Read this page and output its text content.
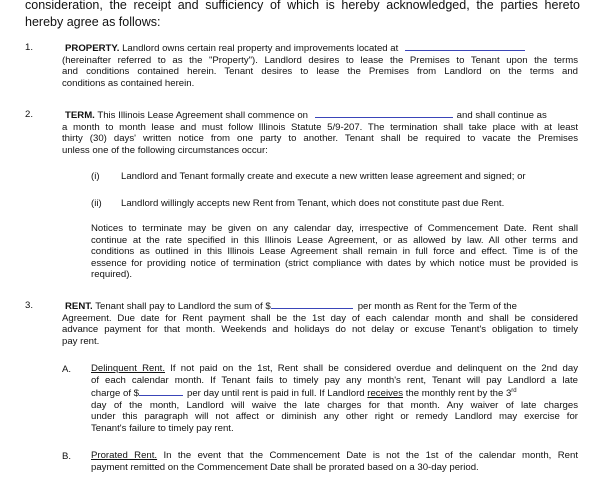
consideration, the receipt and sufficiency of which is hereby acknowledged, the parties hereto
hereby agree as follows:
1.	PROPERTY. Landlord owns certain real property and improvements located at
(hereinafter referred to as the "Property"). Landlord desires to lease the Premises to Tenant upon the terms
and conditions contained herein. Tenant desires to lease the Premises from Landlord on the terms and
conditions as contained herein.
2.	TERM. This Illinois Lease Agreement shall commence on	and shall continue as
a month to month lease and must follow Illinois Statute 5/9-207. The termination shall take place with at least
thirty (30) days' written notice from one party to another. Tenant shall be required to vacate the Premises
unless one of the following circumstances occur:
(i) Landlord and Tenant formally create and execute a new written lease agreement and signed; or
(ii) Landlord willingly accepts new Rent from Tenant, which does not constitute past due Rent.
Notices to terminate may be given on any calendar day, irrespective of Commencement Date. Rent shall
continue at the rate specified in this Illinois Lease Agreement, or as allowed by law. All other terms and
conditions as outlined in this Illinois Lease Agreement shall remain in full force and effect. Time is of the
essence for providing notice of termination (strict compliance with dates by which notice must be provided is
required).
3.	RENT. Tenant shall pay to Landlord the sum of $	per month as Rent for the Term of the
Agreement. Due date for Rent payment shall be the 1st day of each calendar month and shall be considered
advance payment for that month. Weekends and holidays do not delay or excuse Tenant's obligation to timely
pay rent.
A. Delinquent Rent. If not paid on the 1st, Rent shall be considered overdue and delinquent on the 2nd day
of each calendar month. If Tenant fails to timely pay any month's rent, Tenant will pay Landlord a late
charge of $	per day until rent is paid in full. If Landlord receives the monthly rent by the 3rd
day of the month, Landlord will waive the late charges for that month. Any waiver of late charges
under this paragraph will not affect or diminish any other right or remedy Landlord may exercise for
Tenant's failure to timely pay rent.
B. Prorated Rent. In the event that the Commencement Date is not the 1st of the calendar month, Rent
payment remitted on the Commencement Date shall be prorated based on a 30-day period.
